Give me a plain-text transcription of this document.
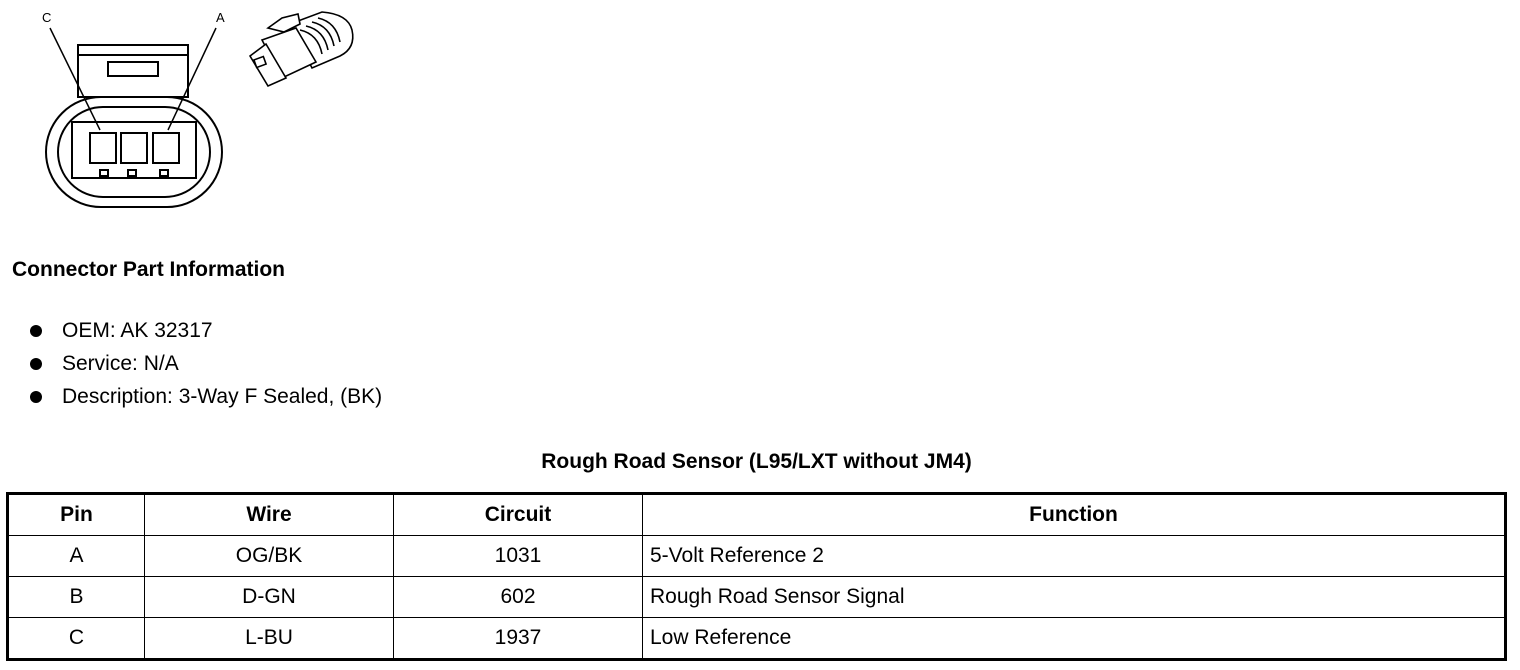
C	A
Connector Part Information
OEM: AK 32317
Service: N/A
Description: 3-Way F Sealed, (BK)
Rough Road Sensor (L95/LXT without JM4)
Pin	Wire	Circuit	Function
A	OG/BK	1031	5-Volt Reference 2
B	D-GN	602	Rough Road Sensor Signal
C	L-BU	1937	Low Reference
